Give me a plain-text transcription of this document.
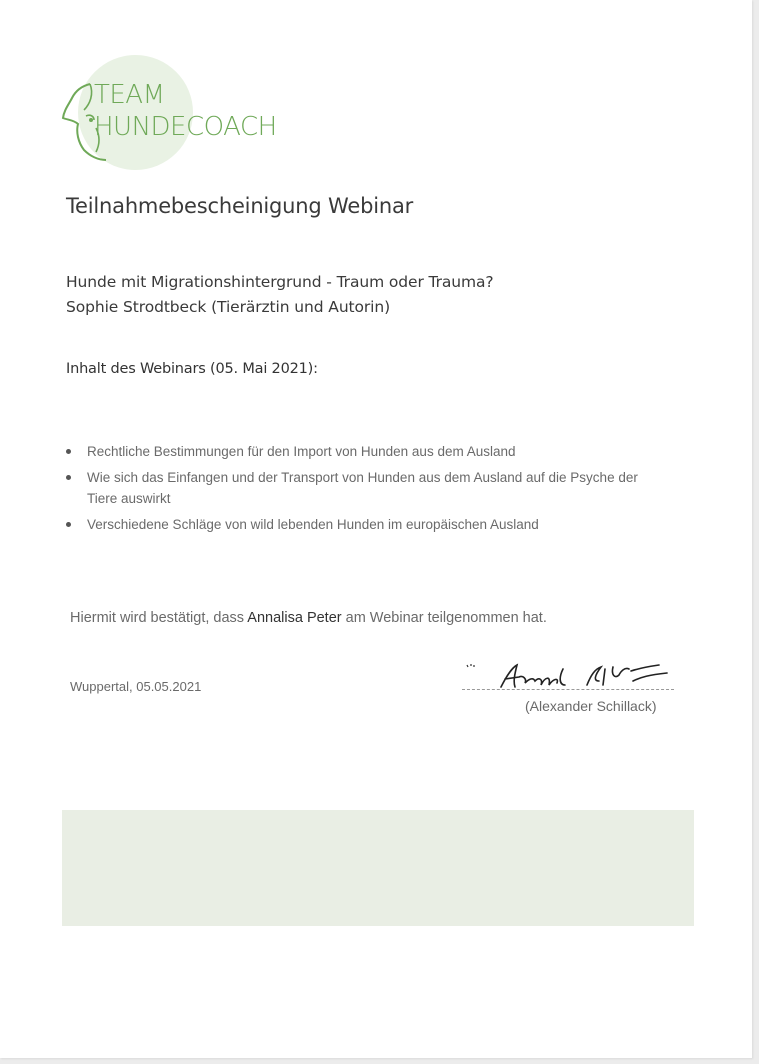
TEAM
HUNDECOACH
Teilnahmebescheinigung Webinar
Hunde mit Migrationshintergrund - Traum oder Trauma?
Sophie Strodtbeck (Tierärztin und Autorin)
Inhalt des Webinars (05. Mai 2021):
Rechtliche Bestimmungen für den Import von Hunden aus dem Ausland
Wie sich das Einfangen und der Transport von Hunden aus dem Ausland auf die Psyche der Tiere auswirkt
Verschiedene Schläge von wild lebenden Hunden im europäischen Ausland
Hiermit wird bestätigt, dass Annalisa Peter am Webinar teilgenommen hat.
Wuppertal, 05.05.2021
(Alexander Schillack)
